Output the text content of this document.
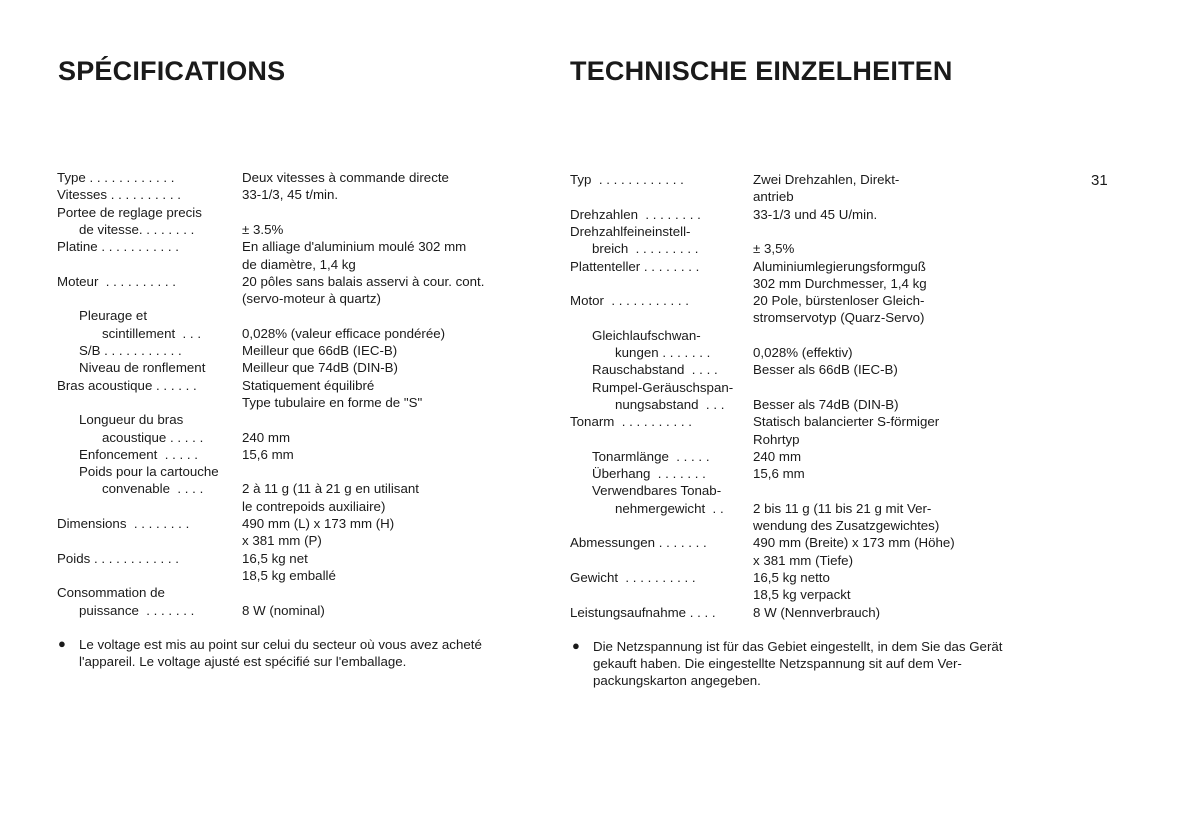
SPÉCIFICATIONS	TECHNISCHE EINZELHEITEN
31
Type . . . . . . . . . . . .	Deux vitesses à commande directe
Vitesses . . . . . . . . . .	33-1/3, 45 t/min.
Portee de reglage precis
de vitesse. . . . . . . .	± 3.5%
Platine . . . . . . . . . . .	En alliage d'aluminium moulé 302 mm
de diamètre, 1,4 kg
Moteur  . . . . . . . . . .	20 pôles sans balais asservi à cour. cont.
(servo-moteur à quartz)
Pleurage et
scintillement  . . .	0,028% (valeur efficace pondérée)
S/B . . . . . . . . . . .	Meilleur que 66dB (IEC-B)
Niveau de ronflement	Meilleur que 74dB (DIN-B)
Bras acoustique . . . . . .	Statiquement équilibré
Type tubulaire en forme de "S"
Longueur du bras
acoustique . . . . .	240 mm
Enfoncement  . . . . .	15,6 mm
Poids pour la cartouche
convenable  . . . .	2 à 11 g (11 à 21 g en utilisant
le contrepoids auxiliaire)
Dimensions  . . . . . . . .	490 mm (L) x 173 mm (H)
x 381 mm (P)
Poids . . . . . . . . . . . .	16,5 kg net
18,5 kg emballé
Consommation de
puissance  . . . . . . .	8 W (nominal)
Typ  . . . . . . . . . . . .	Zwei Drehzahlen, Direkt-
antrieb
Drehzahlen  . . . . . . . .	33-1/3 und 45 U/min.
Drehzahlfeineinstell-
breich  . . . . . . . . .	± 3,5%
Plattenteller . . . . . . . .	Aluminiumlegierungsformguß
302 mm Durchmesser, 1,4 kg
Motor  . . . . . . . . . . .	20 Pole, bürstenloser Gleich-
stromservotyp (Quarz-Servo)
Gleichlaufschwan-
kungen . . . . . . .	0,028% (effektiv)
Rauschabstand  . . . .	Besser als 66dB (IEC-B)
Rumpel-Geräuschspan-
nungsabstand  . . . Besser als 74dB (DIN-B)
Tonarm  . . . . . . . . . .	Statisch balancierter S-förmiger
Rohrtyp
Tonarmlänge  . . . . .	240 mm
Überhang  . . . . . . .	15,6 mm
Verwendbares Tonab-
nehmergewicht  . . 2 bis 11 g (11 bis 21 g mit Ver-
wendung des Zusatzgewichtes)
Abmessungen . . . . . . .	490 mm (Breite) x 173 mm (Höhe)
x 381 mm (Tiefe)
Gewicht  . . . . . . . . . .	16,5 kg netto
18,5 kg verpackt
Leistungsaufnahme . . . .	8 W (Nennverbrauch)
● Le voltage est mis au point sur celui du secteur où vous avez acheté
l'appareil. Le voltage ajusté est spécifié sur l'emballage.
● Die Netzspannung ist für das Gebiet eingestellt, in dem Sie das Gerät
gekauft haben. Die eingestellte Netzspannung sit auf dem Ver-
packungskarton angegeben.
